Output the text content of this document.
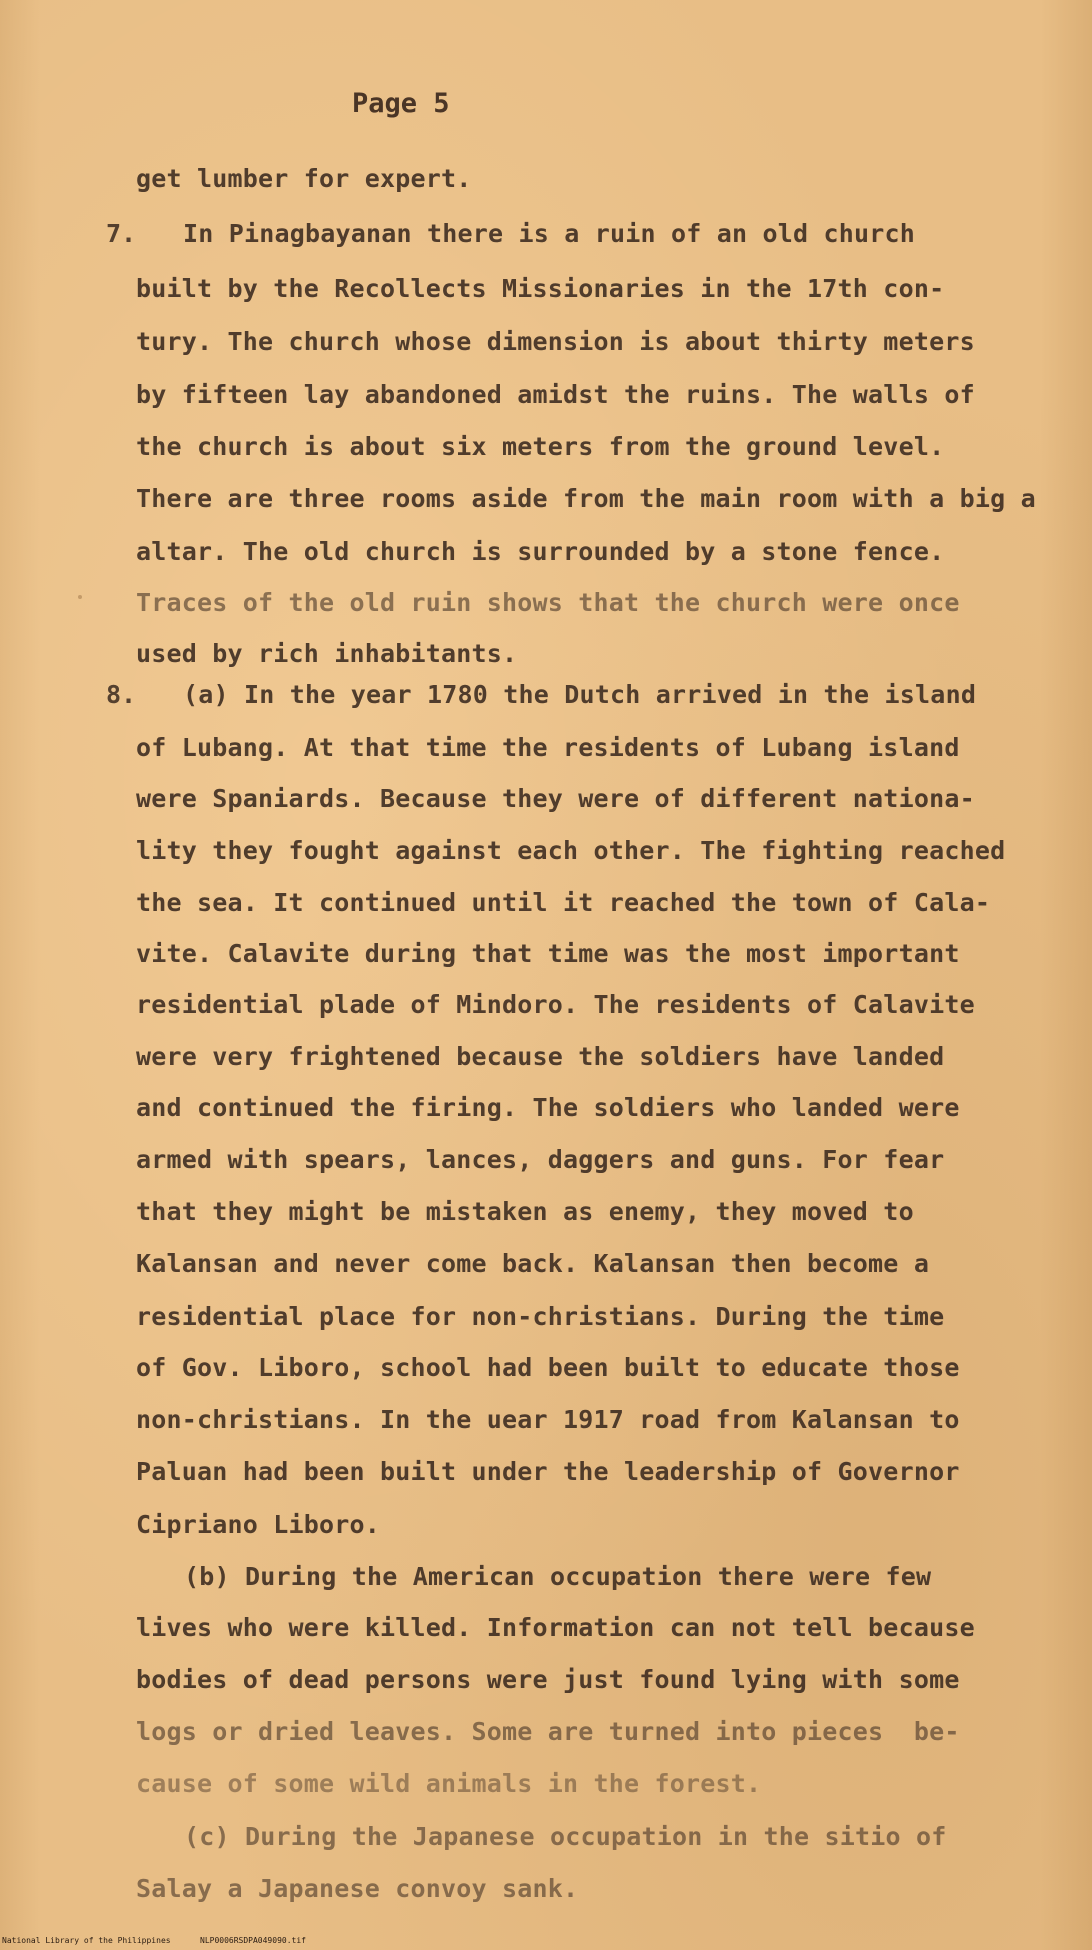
Page 5
get lumber for expert.
7. In Pinagbayanan there is a ruin of an old church
built by the Recollects Missionaries in the 17th con-
tury. The church whose dimension is about thirty meters
by fifteen lay abandoned amidst the ruins. The walls of
the church is about six meters from the ground level.
There are three rooms aside from the main room with a big a
altar. The old church is surrounded by a stone fence.
Traces of the old ruin shows that the church were once
used by rich inhabitants.
8. (a) In the year 1780 the Dutch arrived in the island
of Lubang. At that time the residents of Lubang island
were Spaniards. Because they were of different nationa-
lity they fought against each other. The fighting reached
the sea. It continued until it reached the town of Cala-
vite. Calavite during that time was the most important
residential plade of Mindoro. The residents of Calavite
were very frightened because the soldiers have landed
and continued the firing. The soldiers who landed were
armed with spears, lances, daggers and guns. For fear
that they might be mistaken as enemy, they moved to
Kalansan and never come back. Kalansan then become a
residential place for non-christians. During the time
of Gov. Liboro, school had been built to educate those
non-christians. In the uear 1917 road from Kalansan to
Paluan had been built under the leadership of Governor
Cipriano Liboro.
(b) During the American occupation there were few
lives who were killed. Information can not tell because
bodies of dead persons were just found lying with some
logs or dried leaves. Some are turned into pieces  be-
cause of some wild animals in the forest.
(c) During the Japanese occupation in the sitio of
Salay a Japanese convoy sank.
National Library of the Philippines	NLP0006RSDPA049090.tif
